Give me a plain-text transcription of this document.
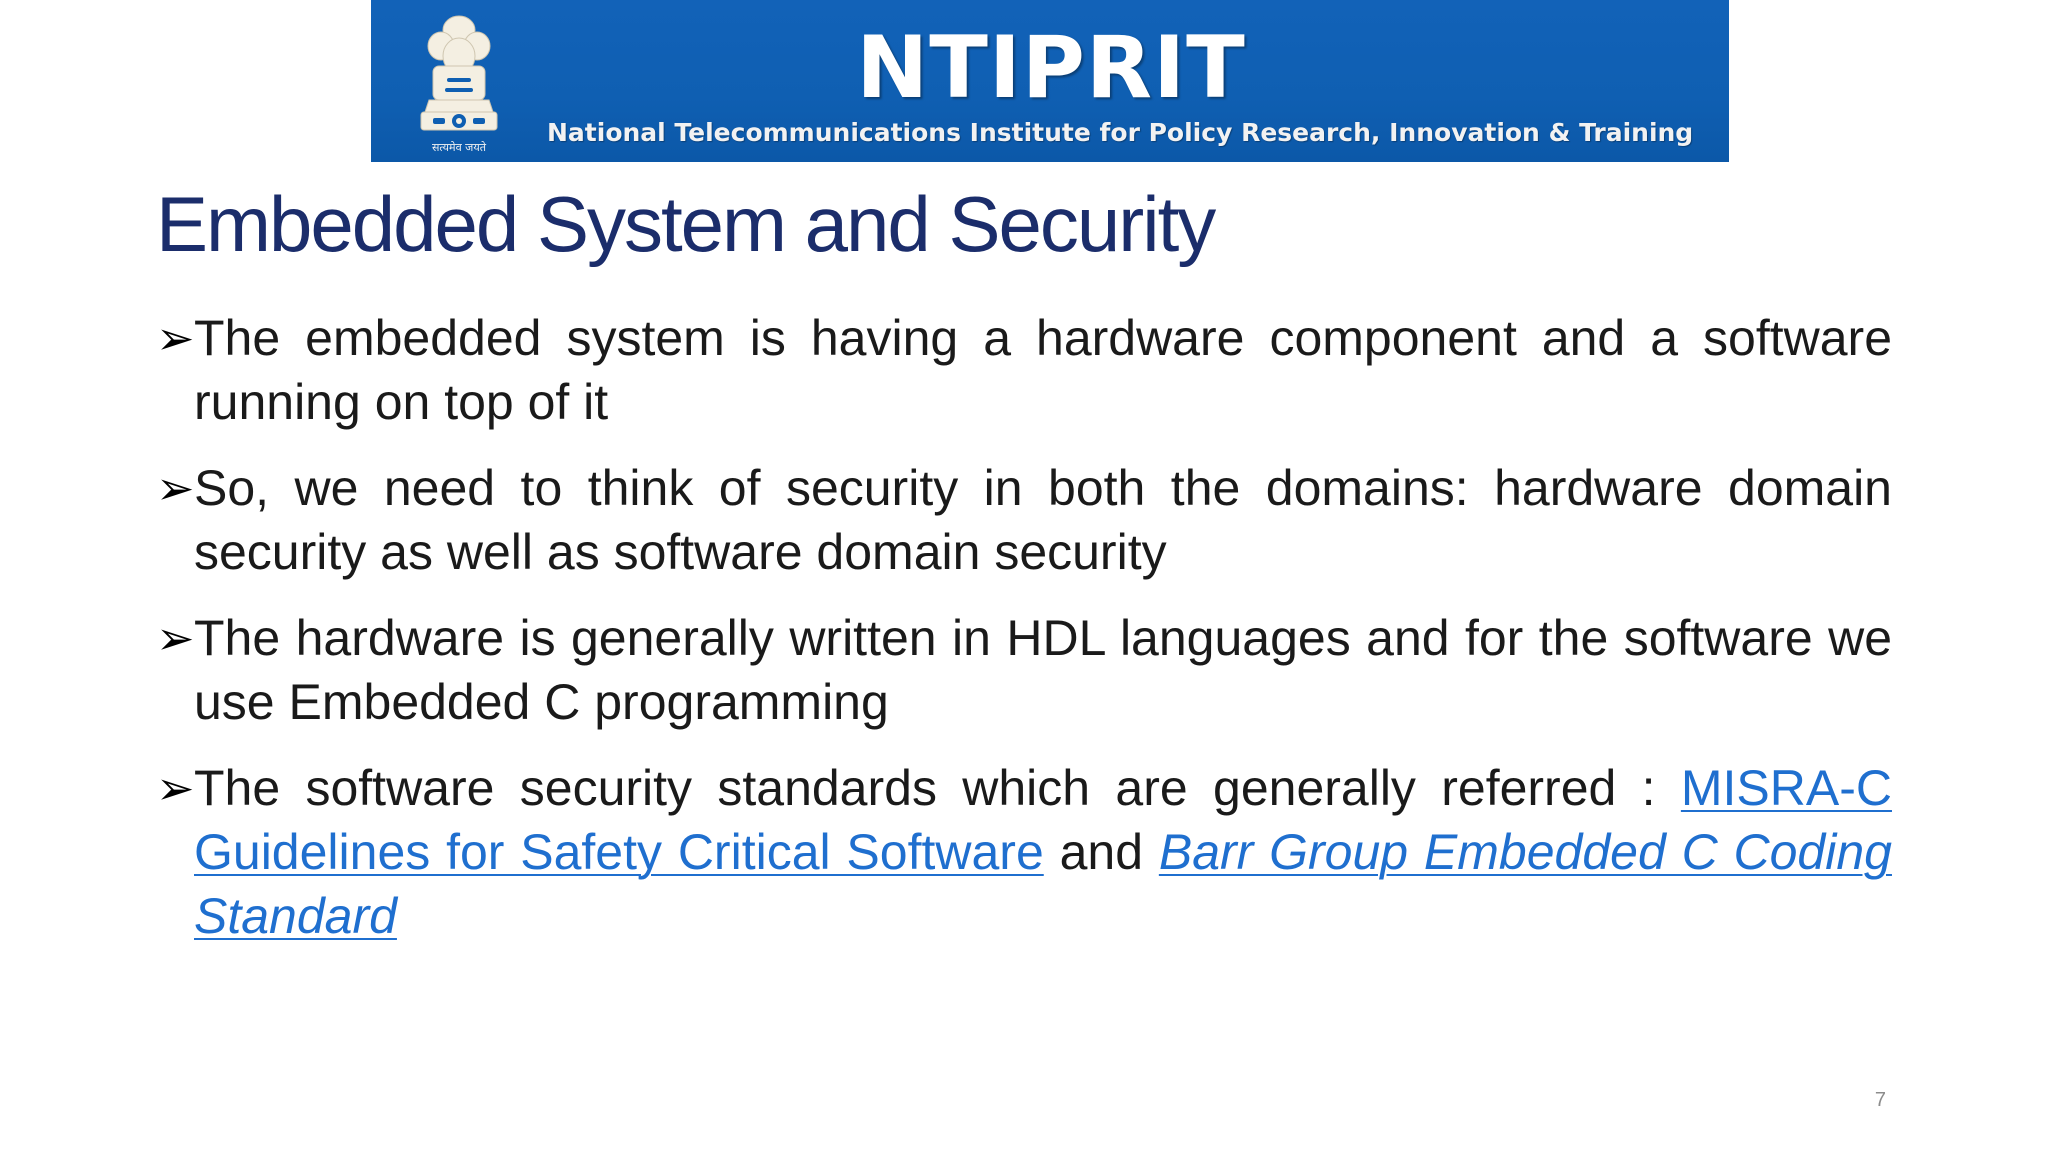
सत्यमेव जयते
NTIPRIT
National Telecommunications Institute for Policy Research, Innovation & Training
Embedded System and Security
➢ The embedded system is having a hardware component and a software running on top of it
➢ So, we need to think of security in both the domains: hardware domain security as well as software domain security
➢ The hardware is generally written in HDL languages and for the software we use Embedded C programming
➢ The software security standards which are generally referred : MISRA-C Guidelines for Safety Critical Software and Barr Group Embedded C Coding Standard
7
